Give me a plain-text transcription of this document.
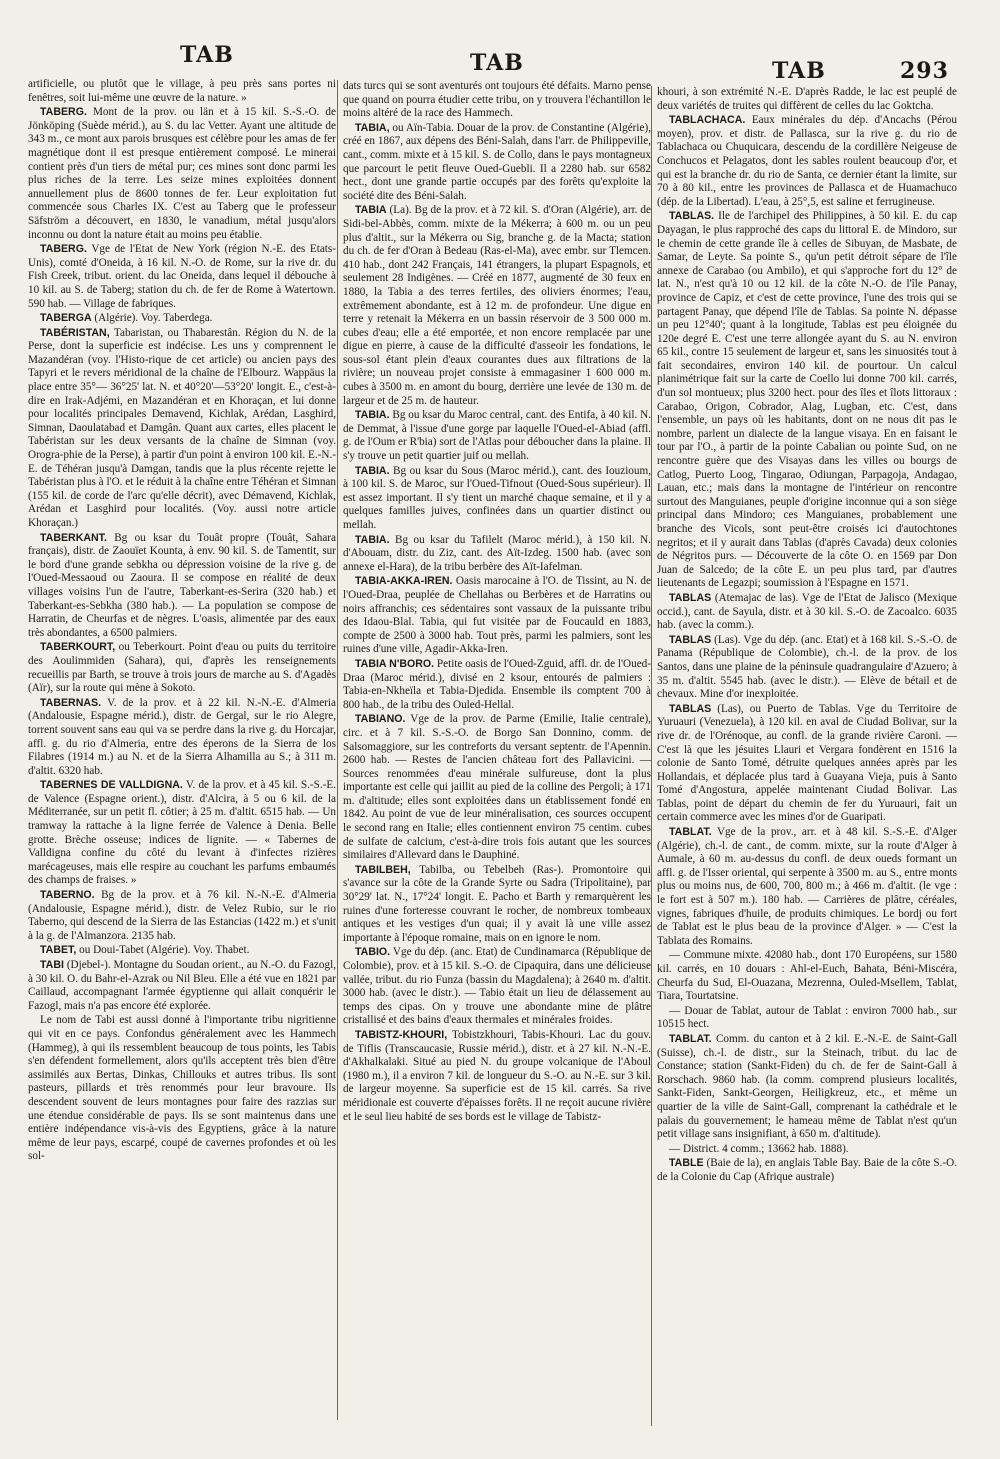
TAB	TAB	TAB	293

artificielle, ou plutôt que le village, à peu près sans portes ni fenêtres, soit lui-même une œuvre de la nature. »

TABERG. Mont de la prov. ou län et à 15 kil. S.-S.-O. de Jönköping (Suède mérid.), au S. du lac Vetter. Ayant une altitude de 343 m., ce mont aux parois brusques est célèbre pour les amas de fer magnétique dont il est presque entièrement composé. Le minerai contient près d'un tiers de métal pur; ces mines sont donc parmi les plus riches de la terre. Les seize mines exploitées donnent annuellement plus de 8600 tonnes de fer. Leur exploitation fut commencée sous Charles IX. C'est au Taberg que le professeur Säfström a découvert, en 1830, le vanadium, métal jusqu'alors inconnu ou dont la nature était au moins peu établie.

TABERG. Vge de l'Etat de New York (région N.-E. des Etats-Unis), comté d'Oneida, à 16 kil. N.-O. de Rome, sur la rive dr. du Fish Creek, tribut. orient. du lac Oneida, dans lequel il débouche à 10 kil. au S. de Taberg; station du ch. de fer de Rome à Watertown. 590 hab. — Village de fabriques.

TABERGA (Algérie). Voy. Taberdega.

TABÉRISTAN, Tabaristan, ou Thabarestân. Région du N. de la Perse, dont la superficie est indécise. Les uns y comprennent le Mazandéran (voy. l'Histo-rique de cet article) ou ancien pays des Tapyri et le revers méridional de la chaîne de l'Elbourz. Wappäus la place entre 35°— 36°25' lat. N. et 40°20'—53°20' longit. E., c'est-à-dire en Irak-Adjémi, en Mazandéran et en Khoraçan, et lui donne pour localités principales Demavend, Kichlak, Arédan, Lasghird, Simnan, Daoulatabad et Damgân. Quant aux cartes, elles placent le Tabéristan sur les deux versants de la chaîne de Simnan (voy. Orogra-phie de la Perse), à partir d'un point à environ 100 kil. E.-N.-E. de Téhéran jusqu'à Damgan, tandis que la plus récente rejette le Tabéristan plus à l'O. et le réduit à la chaîne entre Téhéran et Simnan (155 kil. de corde de l'arc qu'elle décrit), avec Démavend, Kichlak, Arédan et Lasghird pour localités. (Voy. aussi notre article Khoraçan.)

TABERKANT. Bg ou ksar du Touât propre (Touât, Sahara français), distr. de Zaouïet Kounta, à env. 90 kil. S. de Tamentit, sur le bord d'une grande sebkha ou dépression voisine de la rive g. de l'Oued-Messaoud ou Zaoura. Il se compose en réalité de deux villages voisins l'un de l'autre, Taberkant-es-Serira (320 hab.) et Taberkant-es-Sebkha (380 hab.). — La population se compose de Harratin, de Cheurfas et de nègres. L'oasis, alimentée par des eaux très abondantes, a 6500 palmiers.

TABERKOURT, ou Teberkourt. Point d'eau ou puits du territoire des Aoulimmiden (Sahara), qui, d'après les renseignements recueillis par Barth, se trouve à trois jours de marche au S. d'Agadès (Aïr), sur la route qui mène à Sokoto.

TABERNAS. V. de la prov. et à 22 kil. N.-N.-E. d'Almeria (Andalousie, Espagne mérid.), distr. de Gergal, sur le rio Alegre, torrent souvent sans eau qui va se perdre dans la rive g. du Horcajar, affl. g. du rio d'Almeria, entre des éperons de la Sierra de los Filabres (1914 m.) au N. et de la Sierra Alhamilla au S.; à 311 m. d'altit. 6320 hab.

TABERNES DE VALLDIGNA. V. de la prov. et à 45 kil. S.-S.-E. de Valence (Espagne orient.), distr. d'Alcira, à 5 ou 6 kil. de la Méditerranée, sur un petit fl. côtier; à 25 m. d'altit. 6515 hab. — Un tramway la rattache à la ligne ferrée de Valence à Denia. Belle grotte. Brèche osseuse; indices de lignite. — « Tabernes de Valldigna confine du côté du levant à d'infectes rizières marécageuses, mais elle respire au couchant les parfums embaumés des champs de fraises. »

TABERNO. Bg de la prov. et à 76 kil. N.-N.-E. d'Almeria (Andalousie, Espagne mérid.), distr. de Velez Rubio, sur le rio Taberno, qui descend de la Sierra de las Estancias (1422 m.) et s'unit à la g. de l'Almanzora. 2135 hab.

TABET, ou Doui-Tabet (Algérie). Voy. Thabet.

TABI (Djebel-). Montagne du Soudan orient., au N.-O. du Fazogl, à 30 kil. O. du Bahr-el-Azrak ou Nil Bleu. Elle a été vue en 1821 par Caillaud, accompagnant l'armée égyptienne qui allait conquérir le Fazogl, mais n'a pas encore été explorée.

Le nom de Tabi est aussi donné à l'importante tribu nigritienne qui vit en ce pays. Confondus généralement avec les Hammech (Hammeg), à qui ils ressemblent beaucoup de tous points, les Tabis s'en défendent formellement, alors qu'ils acceptent très bien d'être assimilés aux Bertas, Dinkas, Chillouks et autres tribus. Ils sont pasteurs, pillards et très renommés pour leur bravoure. Ils descendent souvent de leurs montagnes pour faire des razzias sur une étendue considérable de pays. Ils se sont maintenus dans une entière indépendance vis-à-vis des Egyptiens, grâce à la nature même de leur pays, escarpé, coupé de cavernes profondes et où les sol-

dats turcs qui se sont aventurés ont toujours été défaits. Marno pense que quand on pourra étudier cette tribu, on y trouvera l'échantillon le moins altéré de la race des Hammech.

TABIA, ou Aïn-Tabia. Douar de la prov. de Constantine (Algérie), créé en 1867, aux dépens des Béni-Salah, dans l'arr. de Philippeville, cant., comm. mixte et à 15 kil. S. de Collo, dans le pays montagneux que parcourt le petit fleuve Oued-Guebli. Il a 2280 hab. sur 6582 hect., dont une grande partie occupés par des forêts qu'exploite la société dite des Béni-Salah.

TABIA (La). Bg de la prov. et à 72 kil. S. d'Oran (Algérie), arr. de Sidi-bel-Abbès, comm. mixte de la Mékerra; à 600 m. ou un peu plus d'altit., sur la Mékerra ou Sig, branche g. de la Macta; station du ch. de fer d'Oran à Bedeau (Ras-el-Ma), avec embr. sur Tlemcen. 410 hab., dont 242 Français, 141 étrangers, la plupart Espagnols, et seulement 28 Indigènes. — Créé en 1877, augmenté de 30 feux en 1880, la Tabia a des terres fertiles, des oliviers énormes; l'eau, extrêmement abondante, est à 12 m. de profondeur. Une digue en terre y retenait la Mékerra en un bassin réservoir de 3 500 000 m. cubes d'eau; elle a été emportée, et non encore remplacée par une digue en pierre, à cause de la difficulté d'asseoir les fondations, le sous-sol étant plein d'eaux courantes dues aux filtrations de la rivière; un nouveau projet consiste à emmagasiner 1 600 000 m. cubes à 3500 m. en amont du bourg, derrière une levée de 130 m. de largeur et de 25 m. de hauteur.

TABIA. Bg ou ksar du Maroc central, cant. des Entifa, à 40 kil. N. de Demmat, à l'issue d'une gorge par laquelle l'Oued-el-Abiad (affl. g. de l'Oum er R'bia) sort de l'Atlas pour déboucher dans la plaine. Il s'y trouve un petit quartier juif ou mellah.

TABIA. Bg ou ksar du Sous (Maroc mérid.), cant. des Iouzioum, à 100 kil. S. de Maroc, sur l'Oued-Tifnout (Oued-Sous supérieur). Il est assez important. Il s'y tient un marché chaque semaine, et il y a quelques familles juives, confinées dans un quartier distinct ou mellah.

TABIA. Bg ou ksar du Tafilelt (Maroc mérid.), à 150 kil. N. d'Abouam, distr. du Ziz, cant. des Aït-Izdeg. 1500 hab. (avec son annexe el-Hara), de la tribu berbère des Aït-Iafelman.

TABIA-AKKA-IREN. Oasis marocaine à l'O. de Tissint, au N. de l'Oued-Draa, peuplée de Chellahas ou Berbères et de Harratins ou noirs affranchis; ces sédentaires sont vassaux de la puissante tribu des Idaou-Blal. Tabia, qui fut visitée par de Foucauld en 1883, compte de 2500 à 3000 hab. Tout près, parmi les palmiers, sont les ruines d'une ville, Agadir-Akka-Iren.

TABIA N'BORO. Petite oasis de l'Oued-Zguid, affl. dr. de l'Oued-Draa (Maroc mérid.), divisé en 2 ksour, entourés de palmiers : Tabia-en-Nkheïla et Tabia-Djedida. Ensemble ils comptent 700 à 800 hab., de la tribu des Ouled-Hellal.

TABIANO. Vge de la prov. de Parme (Emilie, Italie centrale), circ. et à 7 kil. S.-S.-O. de Borgo San Donnino, comm. de Salsomaggiore, sur les contreforts du versant septentr. de l'Apennin. 2600 hab. — Restes de l'ancien château fort des Pallavicini. — Sources renommées d'eau minérale sulfureuse, dont la plus importante est celle qui jaillit au pied de la colline des Pergoli; à 171 m. d'altitude; elles sont exploitées dans un établissement fondé en 1842. Au point de vue de leur minéralisation, ces sources occupent le second rang en Italie; elles contiennent environ 75 centim. cubes de sulfate de calcium, c'est-à-dire trois fois autant que les sources similaires d'Allevard dans le Dauphiné.

TABILBEH, Tabilba, ou Tebelbeh (Ras-). Promontoire qui s'avance sur la côte de la Grande Syrte ou Sadra (Tripolitaine), par 30°29' lat. N., 17°24' longit. E. Pacho et Barth y remarquèrent les ruines d'une forteresse couvrant le rocher, de nombreux tombeaux antiques et les vestiges d'un quai; il y avait là une ville assez importante à l'époque romaine, mais on en ignore le nom.

TABIO. Vge du dép. (anc. Etat) de Cundinamarca (République de Colombie), prov. et à 15 kil. S.-O. de Cipaquira, dans une délicieuse vallée, tribut. du rio Funza (bassin du Magdalena); à 2640 m. d'altit. 3000 hab. (avec le distr.). — Tabio était un lieu de délassement au temps des cipas. On y trouve une abondante mine de plâtre cristallisé et des bains d'eaux thermales et minérales froides.

TABISTZ-KHOURI, Tobistzkhouri, Tabis-Khouri. Lac du gouv. de Tiflis (Transcaucasie, Russie mérid.), distr. et à 27 kil. N.-N.-E. d'Akhalkalaki. Situé au pied N. du groupe volcanique de l'Aboul (1980 m.), il a environ 7 kil. de longueur du S.-O. au N.-E. sur 3 kil. de largeur moyenne. Sa superficie est de 15 kil. carrés. Sa rive méridionale est couverte d'épaisses forêts. Il ne reçoit aucune rivière et le seul lieu habité de ses bords est le village de Tabistz-

khouri, à son extrémité N.-E. D'après Radde, le lac est peuplé de deux variétés de truites qui diffèrent de celles du lac Goktcha.

TABLACHACA. Eaux minérales du dép. d'Ancachs (Pérou moyen), prov. et distr. de Pallasca, sur la rive g. du rio de Tablachaca ou Chuquicara, descendu de la cordillère Neigeuse de Conchucos et Pelagatos, dont les sables roulent beaucoup d'or, et qui est la branche dr. du rio de Santa, ce dernier étant la limite, sur 70 à 80 kil., entre les provinces de Pallasca et de Huamachuco (dép. de la Libertad). L'eau, à 25°,5, est saline et ferrugineuse.

TABLAS. Ile de l'archipel des Philippines, à 50 kil. E. du cap Dayagan, le plus rapproché des caps du littoral E. de Mindoro, sur le chemin de cette grande île à celles de Sibuyan, de Masbate, de Samar, de Leyte. Sa pointe S., qu'un petit détroit sépare de l'île annexe de Carabao (ou Ambilo), et qui s'approche fort du 12° de lat. N., n'est qu'à 10 ou 12 kil. de la côte N.-O. de l'île Panay, province de Capiz, et c'est de cette province, l'une des trois qui se partagent Panay, que dépend l'île de Tablas. Sa pointe N. dépasse un peu 12°40'; quant à la longitude, Tablas est peu éloignée du 120e degré E. C'est une terre allongée ayant du S. au N. environ 65 kil., contre 15 seulement de largeur et, sans les sinuosités tout à fait secondaires, environ 140 kil. de pourtour. Un calcul planimétrique fait sur la carte de Coello lui donne 700 kil. carrés, d'un sol montueux; plus 3200 hect. pour des îles et îlots littoraux : Carabao, Origon, Cobrador, Alag, Lugban, etc. C'est, dans l'ensemble, un pays où les habitants, dont on ne nous dit pas le nombre, parlent un dialecte de la langue visaya. En en faisant le tour par l'O., à partir de la pointe Cabalian ou pointe Sud, on ne rencontre guère que des Visayas dans les villes ou bourgs de Catlog, Puerto Loog, Tingarao, Odiungan, Parpagoja, Andagao, Lauan, etc.; mais dans la montagne de l'intérieur on rencontre surtout des Manguianes, peuple d'origine inconnue qui a son siège principal dans Mindoro; ces Manguianes, probablement une branche des Vicols, sont peut-être croisés ici d'autochtones negritos; et il y aurait dans Tablas (d'après Cavada) deux colonies de Négritos purs. — Découverte de la côte O. en 1569 par Don Juan de Salcedo; de la côte E. un peu plus tard, par d'autres lieutenants de Legazpi; soumission à l'Espagne en 1571.

TABLAS (Atemajac de las). Vge de l'Etat de Jalisco (Mexique occid.), cant. de Sayula, distr. et à 30 kil. S.-O. de Zacoalco. 6035 hab. (avec la comm.).

TABLAS (Las). Vge du dép. (anc. Etat) et à 168 kil. S.-S.-O. de Panama (République de Colombie), ch.-l. de la prov. de los Santos, dans une plaine de la péninsule quadrangulaire d'Azuero; à 35 m. d'altit. 5545 hab. (avec le distr.). — Elève de bétail et de chevaux. Mine d'or inexploitée.

TABLAS (Las), ou Puerto de Tablas. Vge du Territoire de Yuruauri (Venezuela), à 120 kil. en aval de Ciudad Bolivar, sur la rive dr. de l'Orénoque, au confl. de la grande rivière Caroni. — C'est là que les jésuites Llauri et Vergara fondèrent en 1516 la colonie de Santo Tomé, détruite quelques années après par les Hollandais, et déplacée plus tard à Guayana Vieja, puis à Santo Tomé d'Angostura, appelée maintenant Ciudad Bolivar. Las Tablas, point de départ du chemin de fer du Yuruauri, fait un certain commerce avec les mines d'or de Guaripati.

TABLAT. Vge de la prov., arr. et à 48 kil. S.-S.-E. d'Alger (Algérie), ch.-l. de cant., de comm. mixte, sur la route d'Alger à Aumale, à 60 m. au-dessus du confl. de deux oueds formant un affl. g. de l'Isser oriental, qui serpente à 3500 m. au S., entre monts plus ou moins nus, de 600, 700, 800 m.; à 466 m. d'altit. (le vge : le fort est à 507 m.). 180 hab. — Carrières de plâtre, céréales, vignes, fabriques d'huile, de produits chimiques. Le bordj ou fort de Tablat est le plus beau de la province d'Alger. » — C'est la Tablata des Romains.

— Commune mixte. 42080 hab., dont 170 Européens, sur 1580 kil. carrés, en 10 douars : Ahl-el-Euch, Bahata, Béni-Miscéra, Cheurfa du Sud, El-Ouazana, Mezrenna, Ouled-Msellem, Tablat, Tiara, Tourtatsine.

— Douar de Tablat, autour de Tablat : environ 7000 hab., sur 10515 hect.

TABLAT. Comm. du canton et à 2 kil. E.-N.-E. de Saint-Gall (Suisse), ch.-l. de distr., sur la Steinach, tribut. du lac de Constance; station (Sankt-Fiden) du ch. de fer de Saint-Gall à Rorschach. 9860 hab. (la comm. comprend plusieurs localités, Sankt-Fiden, Sankt-Georgen, Heiligkreuz, etc., et même un quartier de la ville de Saint-Gall, comprenant la cathédrale et le palais du gouvernement; le hameau même de Tablat n'est qu'un petit village sans insignifiant, à 650 m. d'altitude).

— District. 4 comm.; 13662 hab. 1888).

TABLE (Baie de la), en anglais Table Bay. Baie de la côte S.-O. de la Colonie du Cap (Afrique australe)
